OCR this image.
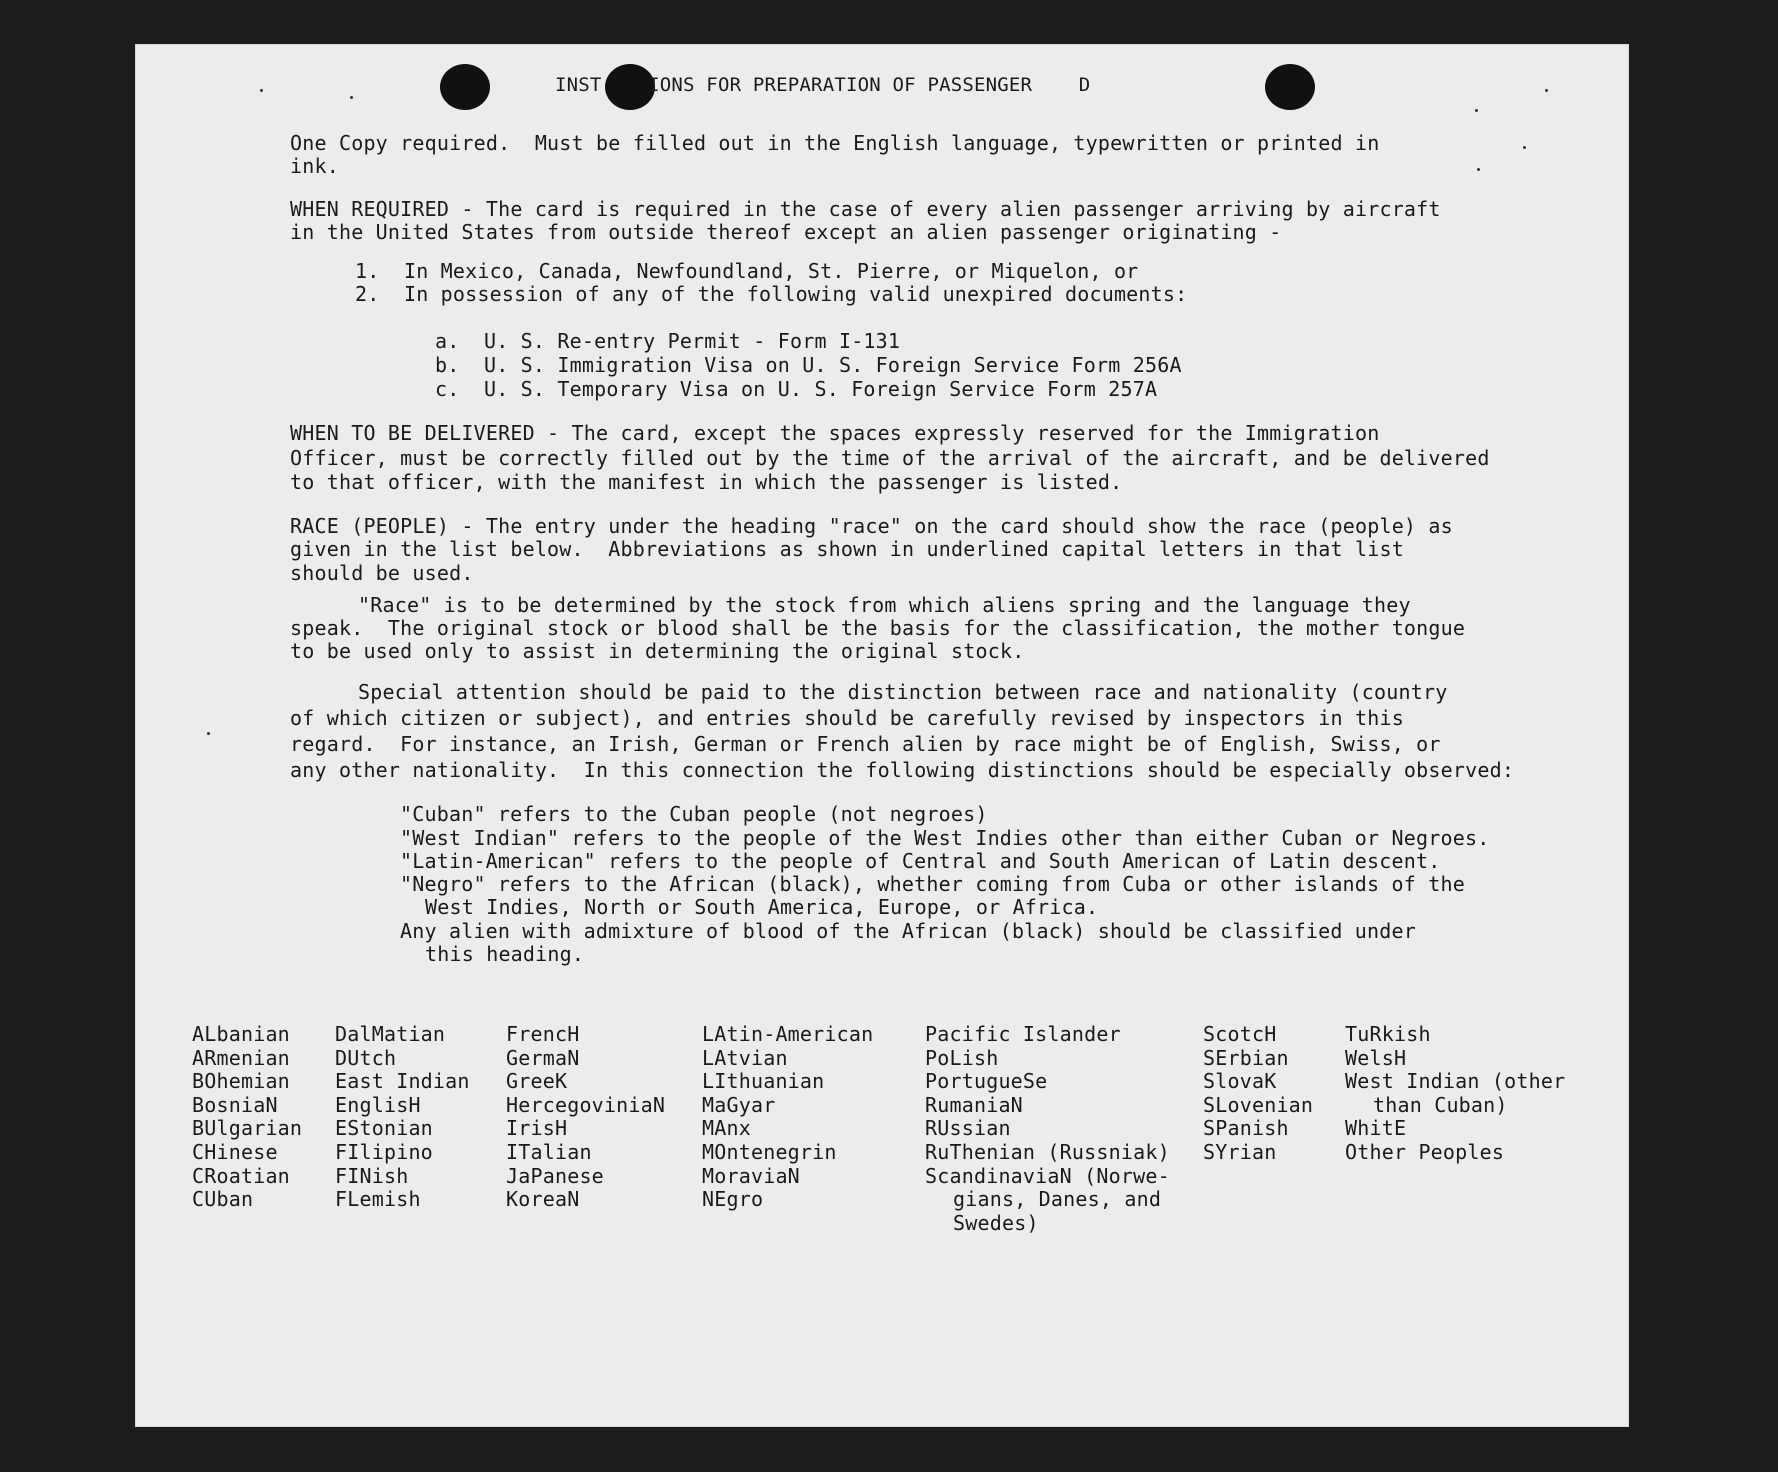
INST    IONS FOR PREPARATION OF PASSENGER    D
One Copy required.  Must be filled out in the English language, typewritten or printed in
ink.
WHEN REQUIRED - The card is required in the case of every alien passenger arriving by aircraft
in the United States from outside thereof except an alien passenger originating -
1.  In Mexico, Canada, Newfoundland, St. Pierre, or Miquelon, or
2.  In possession of any of the following valid unexpired documents:
a.  U. S. Re-entry Permit - Form I-131
b.  U. S. Immigration Visa on U. S. Foreign Service Form 256A
c.  U. S. Temporary Visa on U. S. Foreign Service Form 257A
WHEN TO BE DELIVERED - The card, except the spaces expressly reserved for the Immigration
Officer, must be correctly filled out by the time of the arrival of the aircraft, and be delivered
to that officer, with the manifest in which the passenger is listed.
RACE (PEOPLE) - The entry under the heading "race" on the card should show the race (people) as
given in the list below.  Abbreviations as shown in underlined capital letters in that list
should be used.
"Race" is to be determined by the stock from which aliens spring and the language they
speak.  The original stock or blood shall be the basis for the classification, the mother tongue
to be used only to assist in determining the original stock.
Special attention should be paid to the distinction between race and nationality (country
of which citizen or subject), and entries should be carefully revised by inspectors in this
regard.  For instance, an Irish, German or French alien by race might be of English, Swiss, or
any other nationality.  In this connection the following distinctions should be especially observed:
"Cuban" refers to the Cuban people (not negroes)
"West Indian" refers to the people of the West Indies other than either Cuban or Negroes.
"Latin-American" refers to the people of Central and South American of Latin descent.
"Negro" refers to the African (black), whether coming from Cuba or other islands of the
West Indies, North or South America, Europe, or Africa.
Any alien with admixture of blood of the African (black) should be classified under
this heading.
ALbanian
ARmenian
BOhemian
BosniaN
BUlgarian
CHinese
CRoatian
CUban
DalMatian
DUtch
East Indian
EnglisH
EStonian
FIlipino
FINish
FLemish
FrencH
GermaN
GreeK
HercegoviniaN
IrisH
ITalian
JaPanese
KoreaN
LAtin-American
LAtvian
LIthuanian
MaGyar
MAnx
MOntenegrin
MoraviaN
NEgro
Pacific Islander
PoLish
PortugueSe
RumaniaN
RUssian
RuThenian (Russniak)
ScandinaviaN (Norwe-
gians, Danes, and
Swedes)
ScotcH
SErbian
SlovaK
SLovenian
SPanish
SYrian
TuRkish
WelsH
West Indian (other
than Cuban)
WhitE
Other Peoples
